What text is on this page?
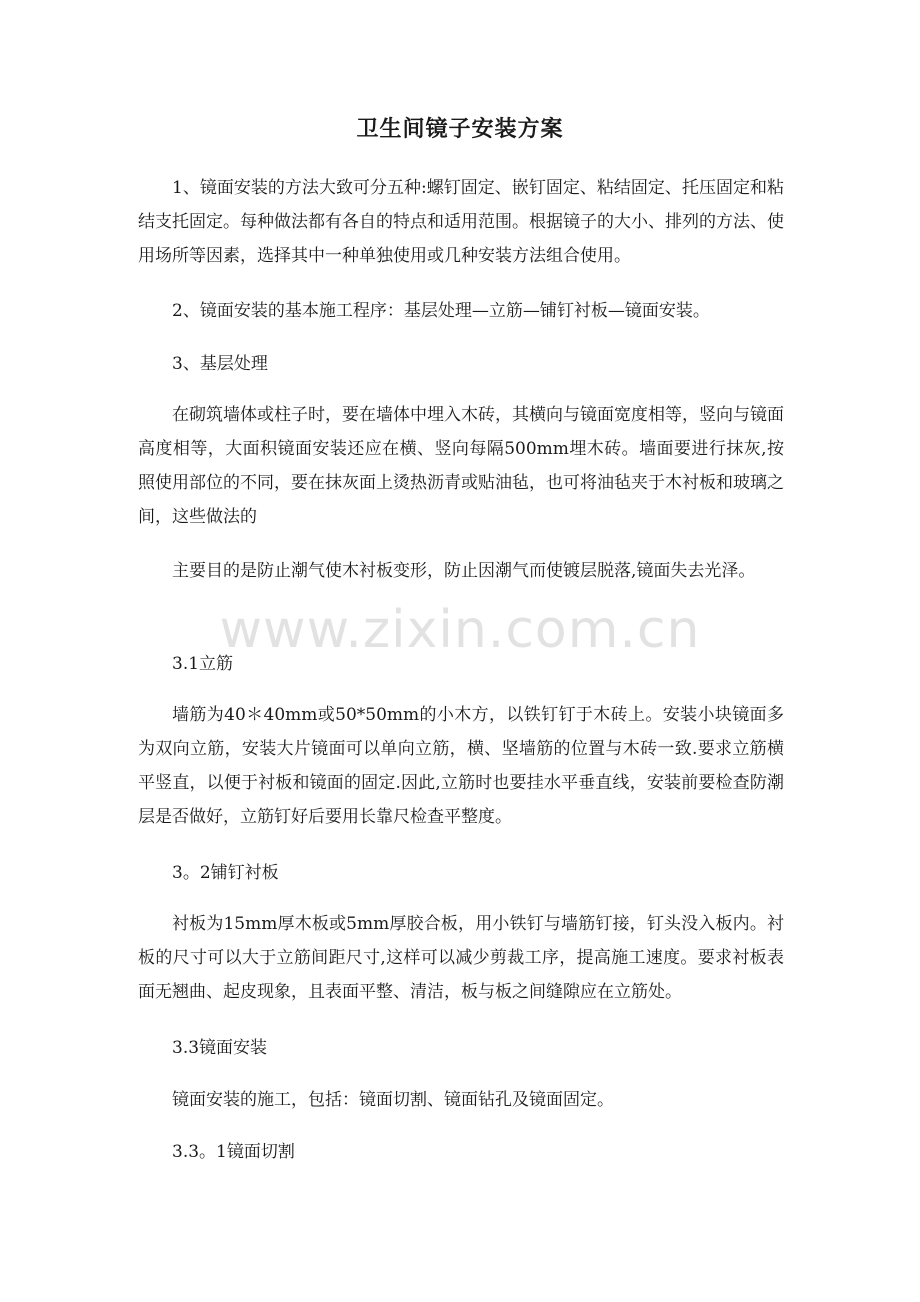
卫生间镜子安装方案
1、镜面安装的方法大致可分五种:螺钉固定、嵌钉固定、粘结固定、托压固定和粘结支托固定。每种做法都有各自的特点和适用范围。根据镜子的大小、排列的方法、使用场所等因素，选择其中一种单独使用或几种安装方法组合使用。
2、镜面安装的基本施工程序：基层处理—立筋—铺钉衬板—镜面安装。
3、基层处理
在砌筑墙体或柱子时，要在墙体中埋入木砖，其横向与镜面宽度相等，竖向与镜面高度相等，大面积镜面安装还应在横、竖向每隔500mm埋木砖。墙面要进行抹灰,按照使用部位的不同，要在抹灰面上烫热沥青或贴油毡，也可将油毡夹于木衬板和玻璃之间，这些做法的
主要目的是防止潮气使木衬板变形，防止因潮气而使镀层脱落,镜面失去光泽。
3.1立筋
墙筋为40＊40mm或50*50mm的小木方，以铁钉钉于木砖上。安装小块镜面多为双向立筋，安装大片镜面可以单向立筋，横、坚墙筋的位置与木砖一致.要求立筋横平竖直，以便于衬板和镜面的固定.因此,立筋时也要挂水平垂直线，安装前要检查防潮层是否做好，立筋钉好后要用长靠尺检查平整度。
3。2铺钉衬板
衬板为15mm厚木板或5mm厚胶合板，用小铁钉与墙筋钉接，钉头没入板内。衬板的尺寸可以大于立筋间距尺寸,这样可以减少剪裁工序，提高施工速度。要求衬板表面无翘曲、起皮现象，且表面平整、清洁，板与板之间缝隙应在立筋处。
3.3镜面安装
镜面安装的施工，包括：镜面切割、镜面钻孔及镜面固定。
3.3。1镜面切割
www.zixin.com.cn
